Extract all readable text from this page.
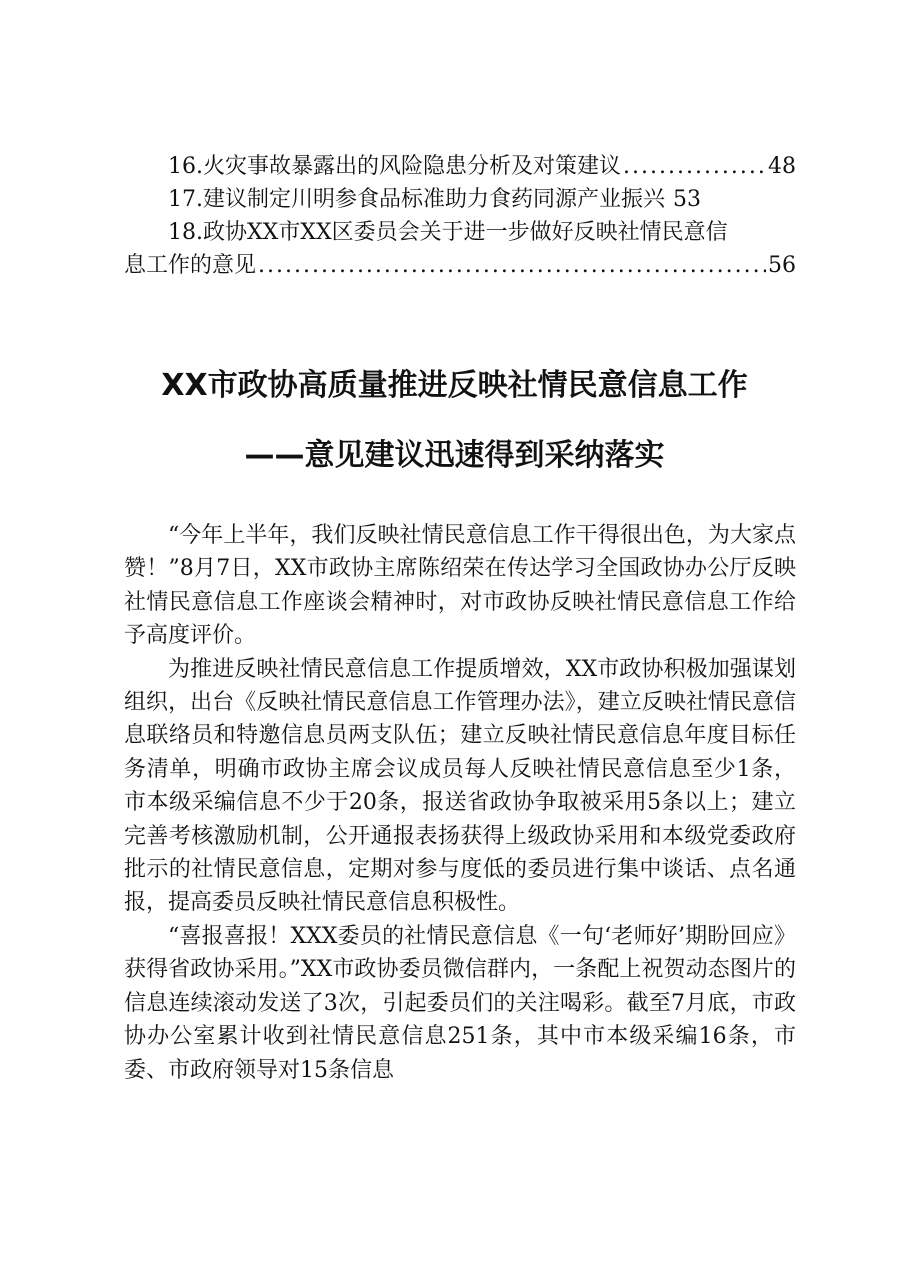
16.火灾事故暴露出的风险隐患分析及对策建议 .....	48
17.建议制定川明参食品标准助力食药同源产业振兴 53
18.政协XX市XX区委员会关于进一步做好反映社情民意信
息工作的意见 .....	56
XX市政协高质量推进反映社情民意信息工作
——意见建议迅速得到采纳落实

“今年上半年，我们反映社情民意信息工作干得很出色，为大家点赞！”8月7日，XX市政协主席陈绍荣在传达学习全国政协办公厅反映社情民意信息工作座谈会精神时，对市政协反映社情民意信息工作给予高度评价。

为推进反映社情民意信息工作提质增效，XX市政协积极加强谋划组织，出台《反映社情民意信息工作管理办法》，建立反映社情民意信息联络员和特邀信息员两支队伍；建立反映社情民意信息年度目标任务清单，明确市政协主席会议成员每人反映社情民意信息至少1条，市本级采编信息不少于20条，报送省政协争取被采用5条以上；建立完善考核激励机制，公开通报表扬获得上级政协采用和本级党委政府批示的社情民意信息，定期对参与度低的委员进行集中谈话、点名通报，提高委员反映社情民意信息积极性。

“喜报喜报！XXX委员的社情民意信息《一句‘老师好’期盼回应》获得省政协采用。”XX市政协委员微信群内，一条配上祝贺动态图片的信息连续滚动发送了3次，引起委员们的关注喝彩。截至7月底，市政协办公室累计收到社情民意信息251条，其中市本级采编16条，市委、市政府领导对15条信息
